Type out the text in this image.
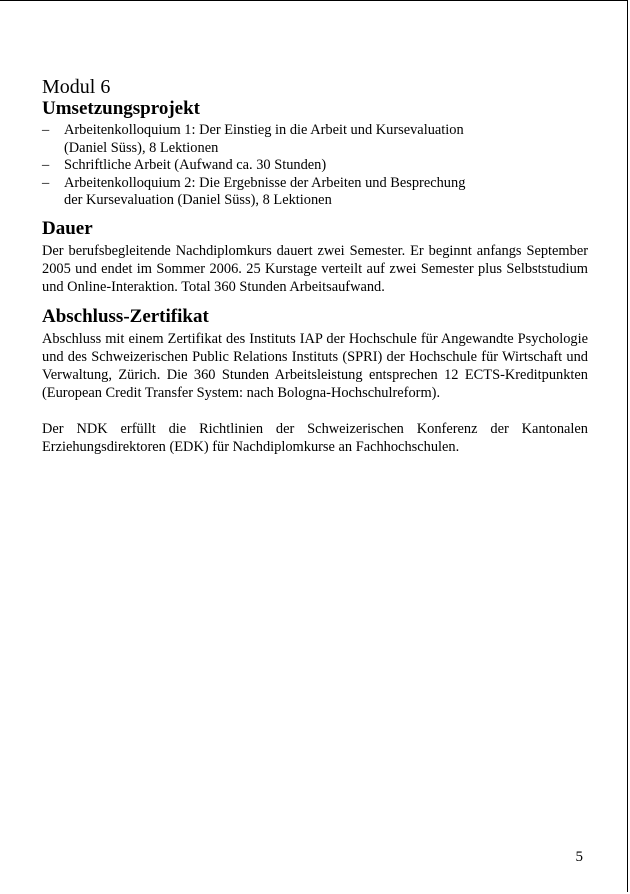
Modul 6
Umsetzungsprojekt
– Arbeitenkolloquium 1: Der Einstieg in die Arbeit und Kursevaluation
(Daniel Süss), 8 Lektionen
– Schriftliche Arbeit (Aufwand ca. 30 Stunden)
– Arbeitenkolloquium 2: Die Ergebnisse der Arbeiten und Besprechung
der Kursevaluation (Daniel Süss), 8 Lektionen
Dauer

Der berufsbegleitende Nachdiplomkurs dauert zwei Semester. Er beginnt anfangs September 2005 und endet im Sommer 2006. 25 Kurstage verteilt auf zwei Semester plus Selbststudium und Online-Interaktion. Total 360 Stunden Arbeitsaufwand.

Abschluss-Zertifikat

Abschluss mit einem Zertifikat des Instituts IAP der Hochschule für Angewandte Psychologie und des Schweizerischen Public Relations Instituts (SPRI) der Hochschule für Wirtschaft und Verwaltung, Zürich. Die 360 Stunden Arbeitsleistung entsprechen 12 ECTS-Kreditpunkten (European Credit Transfer System: nach Bologna-Hochschulreform).

Der NDK erfüllt die Richtlinien der Schweizerischen Konferenz der Kantonalen Erziehungsdirektoren (EDK) für Nachdiplomkurse an Fachhochschulen.

5
